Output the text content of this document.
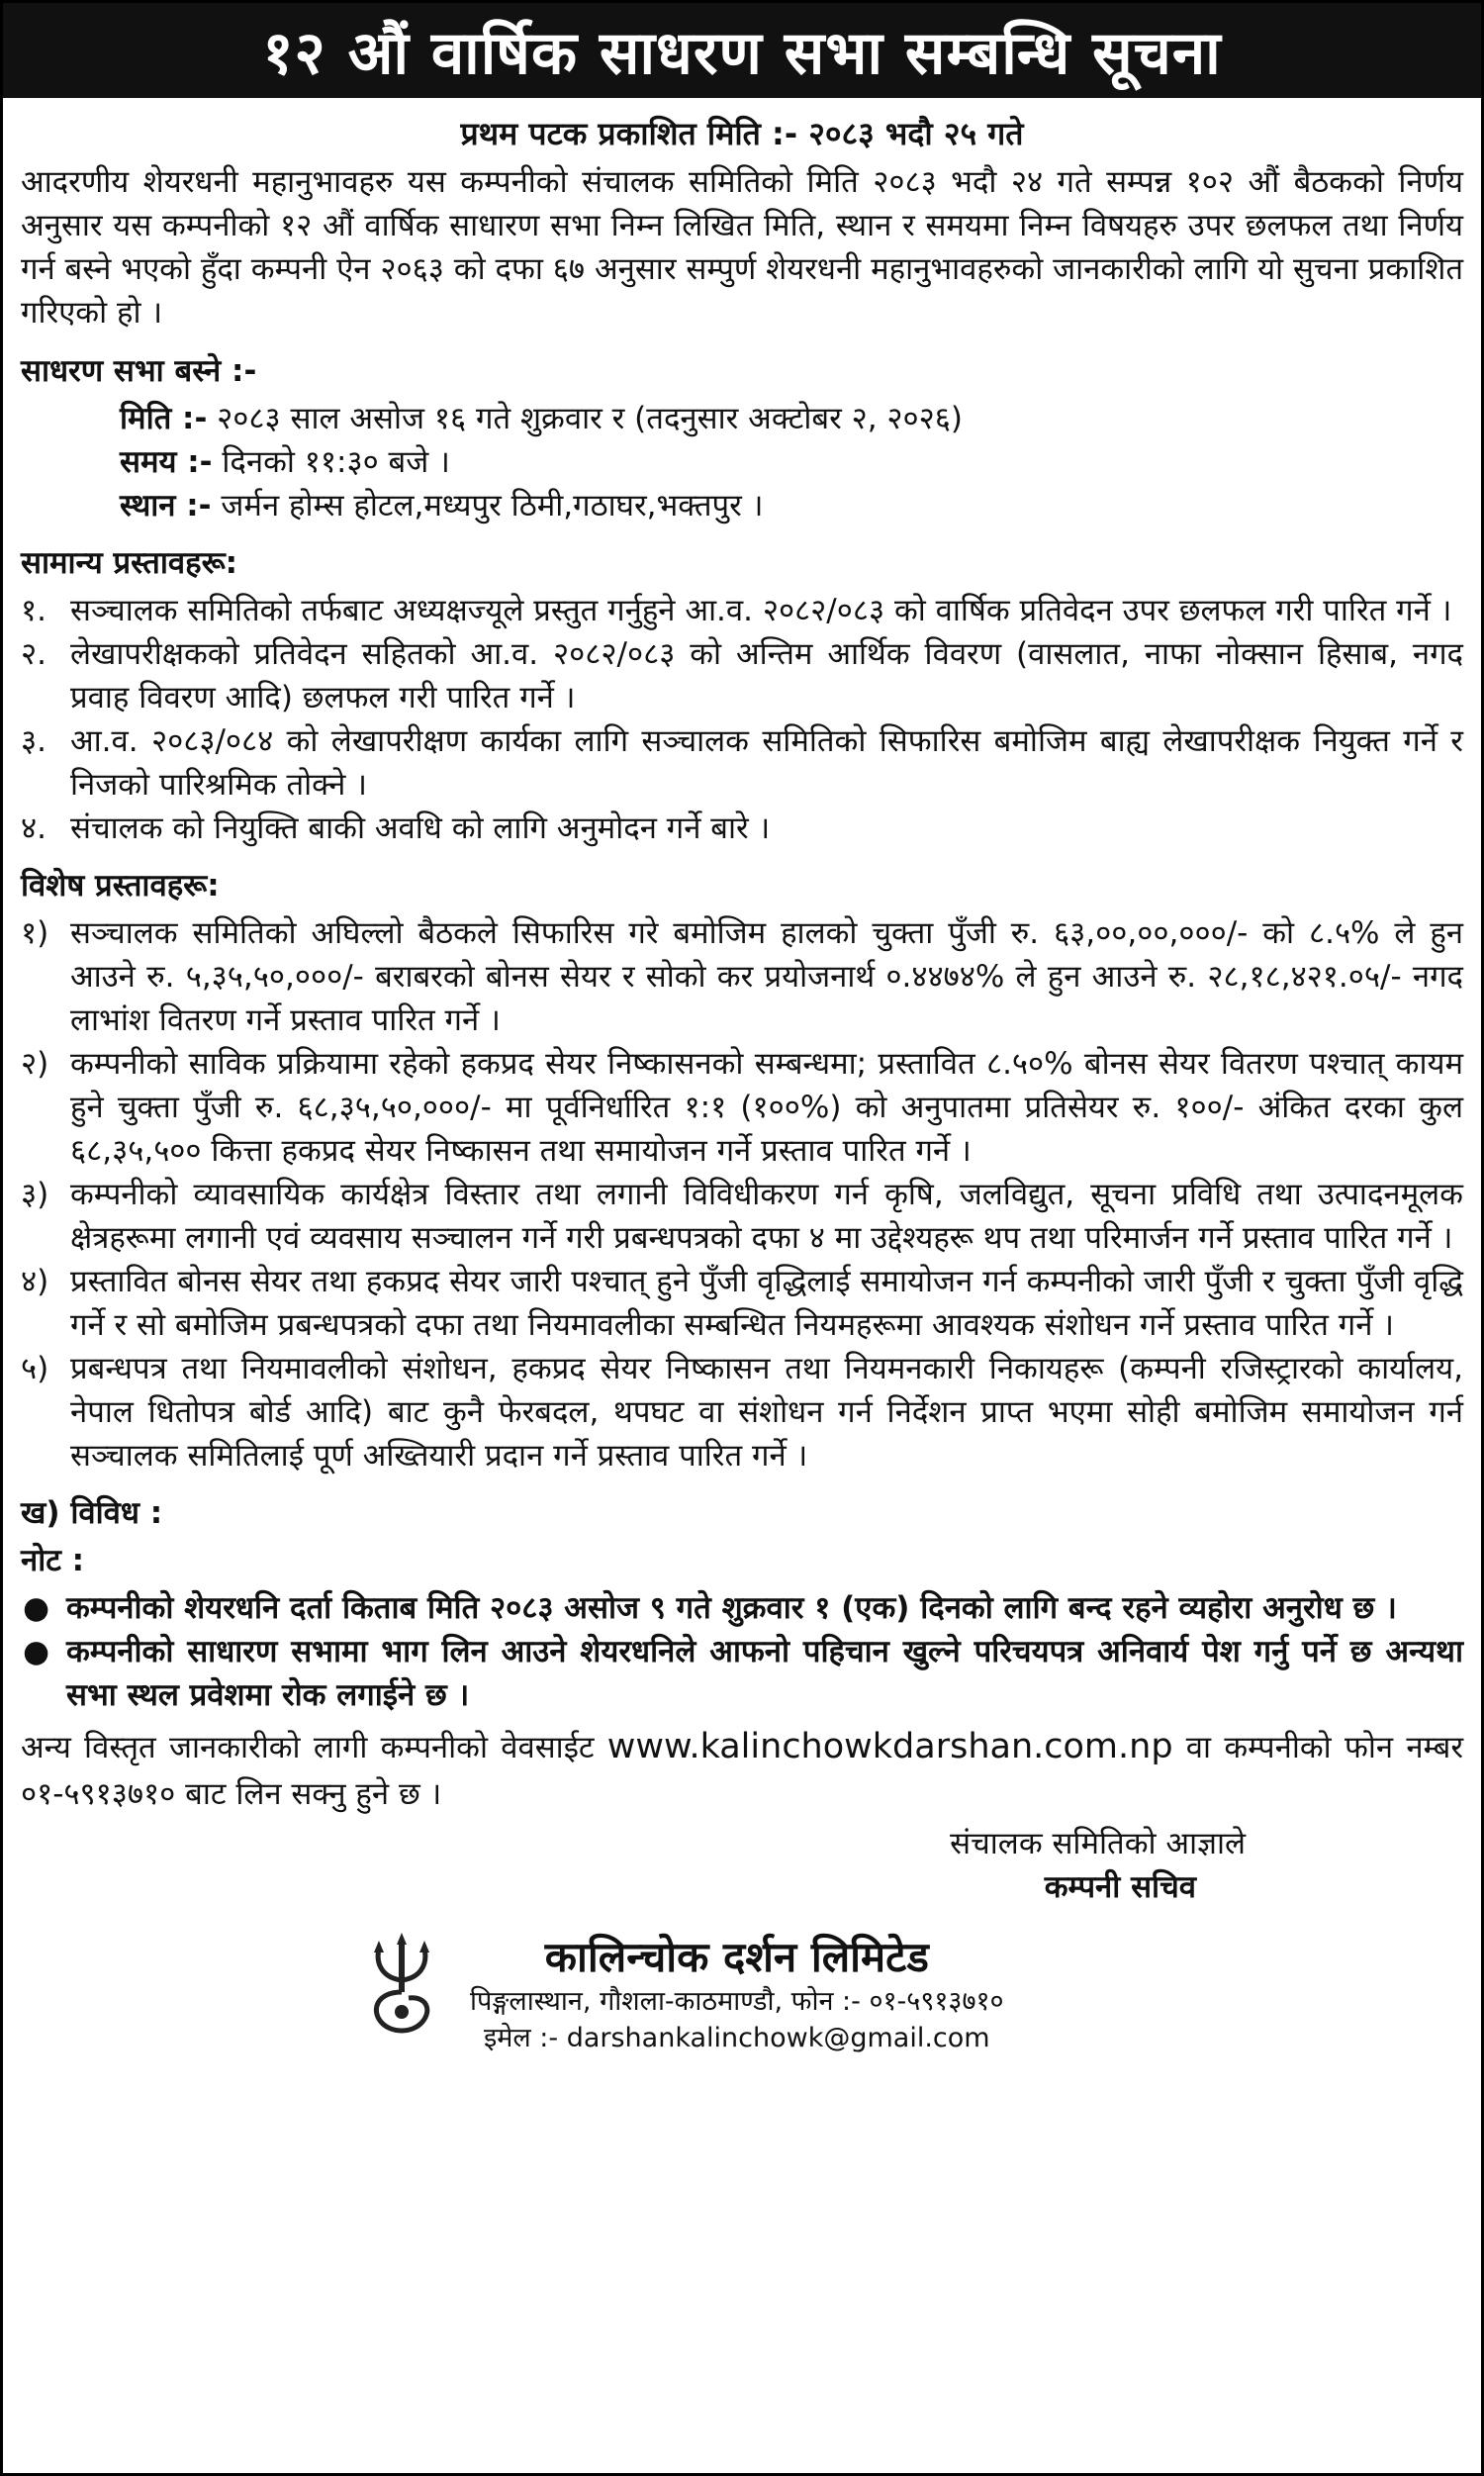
१२ औं वार्षिक साधरण सभा सम्बन्धि सूचना
प्रथम पटक प्रकाशित मिति :- २०८३ भदौ २५ गते

आदरणीय शेयरधनी महानुभावहरु यस कम्पनीको संचालक समितिको मिति २०८३ भदौ २४ गते सम्पन्न १०२ औं बैठकको निर्णय अनुसार यस कम्पनीको १२ औं वार्षिक साधारण सभा निम्न लिखित मिति, स्थान र समयमा निम्न विषयहरु उपर छलफल तथा निर्णय गर्न बस्ने भएको हुँदा कम्पनी ऐन २०६३ को दफा ६७ अनुसार सम्पुर्ण शेयरधनी महानुभावहरुको जानकारीको लागि यो सुचना प्रकाशित गरिएको हो ।

साधरण सभा बस्ने :-
मिति :- २०८३ साल असोज १६ गते शुक्रवार र (तदनुसार अक्टोबर २, २०२६)
समय :- दिनको ११:३० बजे ।
स्थान :- जर्मन होम्स होटल,मध्यपुर ठिमी,गठाघर,भक्तपुर ।
सामान्य प्रस्तावहरू:
१. सञ्चालक समितिको तर्फबाट अध्यक्षज्यूले प्रस्तुत गर्नुहुने आ.व. २०८२/०८३ को वार्षिक प्रतिवेदन उपर छलफल गरी पारित गर्ने ।
२. लेखापरीक्षकको प्रतिवेदन सहितको आ.व. २०८२/०८३ को अन्तिम आर्थिक विवरण (वासलात, नाफा नोक्सान हिसाब, नगद प्रवाह विवरण आदि) छलफल गरी पारित गर्ने ।
३. आ.व. २०८३/०८४ को लेखापरीक्षण कार्यका लागि सञ्चालक समितिको सिफारिस बमोजिम बाह्य लेखापरीक्षक नियुक्त गर्ने र निजको पारिश्रमिक तोक्ने ।
४. संचालक को नियुक्ति बाकी अवधि को लागि अनुमोदन गर्ने बारे ।
विशेष प्रस्तावहरू:
१) सञ्चालक समितिको अघिल्लो बैठकले सिफारिस गरे बमोजिम हालको चुक्ता पुँजी रु. ६३,००,००,०००/- को ८.५% ले हुन आउने रु. ५,३५,५०,०००/- बराबरको बोनस सेयर र सोको कर प्रयोजनार्थ ०.४४७४% ले हुन आउने रु. २८,१८,४२१.०५/- नगद लाभांश वितरण गर्ने प्रस्ताव पारित गर्ने ।
२) कम्पनीको साविक प्रक्रियामा रहेको हकप्रद सेयर निष्कासनको सम्बन्धमा; प्रस्तावित ८.५०% बोनस सेयर वितरण पश्चात् कायम हुने चुक्ता पुँजी रु. ६८,३५,५०,०००/- मा पूर्वनिर्धारित १:१ (१००%) को अनुपातमा प्रतिसेयर रु. १००/- अंकित दरका कुल ६८,३५,५०० कित्ता हकप्रद सेयर निष्कासन तथा समायोजन गर्ने प्रस्ताव पारित गर्ने ।
३) कम्पनीको व्यावसायिक कार्यक्षेत्र विस्तार तथा लगानी विविधीकरण गर्न कृषि, जलविद्युत, सूचना प्रविधि तथा उत्पादनमूलक क्षेत्रहरूमा लगानी एवं व्यवसाय सञ्चालन गर्ने गरी प्रबन्धपत्रको दफा ४ मा उद्देश्यहरू थप तथा परिमार्जन गर्ने प्रस्ताव पारित गर्ने ।
४) प्रस्तावित बोनस सेयर तथा हकप्रद सेयर जारी पश्चात् हुने पुँजी वृद्धिलाई समायोजन गर्न कम्पनीको जारी पुँजी र चुक्ता पुँजी वृद्धि गर्ने र सो बमोजिम प्रबन्धपत्रको दफा तथा नियमावलीका सम्बन्धित नियमहरूमा आवश्यक संशोधन गर्ने प्रस्ताव पारित गर्ने ।
५) प्रबन्धपत्र तथा नियमावलीको संशोधन, हकप्रद सेयर निष्कासन तथा नियमनकारी निकायहरू (कम्पनी रजिस्ट्रारको कार्यालय, नेपाल धितोपत्र बोर्ड आदि) बाट कुनै फेरबदल, थपघट वा संशोधन गर्न निर्देशन प्राप्त भएमा सोही बमोजिम समायोजन गर्न सञ्चालक समितिलाई पूर्ण अख्तियारी प्रदान गर्ने प्रस्ताव पारित गर्ने ।
ख) विविध :
नोट :
● कम्पनीको शेयरधनि दर्ता किताब मिति २०८३ असोज ९ गते शुक्रवार १ (एक) दिनको लागि बन्द रहने व्यहोरा अनुरोध छ ।
● कम्पनीको साधारण सभामा भाग लिन आउने शेयरधनिले आफनो पहिचान खुल्ने परिचयपत्र अनिवार्य पेश गर्नु पर्ने छ अन्यथा सभा स्थल प्रवेशमा रोक लगाईने छ ।
अन्य विस्तृत जानकारीको लागी कम्पनीको वेवसाईट www.kalinchowkdarshan.com.np वा कम्पनीको फोन नम्बर ०१-५९१३७१० बाट लिन सक्नु हुने छ ।
संचालक समितिको आज्ञाले
कम्पनी सचिव
कालिन्चोक दर्शन लिमिटेड
पिङ्गलास्थान, गौशला-काठमाण्डौ, फोन :- ०१-५९१३७१०
इमेल :- darshankalinchowk@gmail.com
